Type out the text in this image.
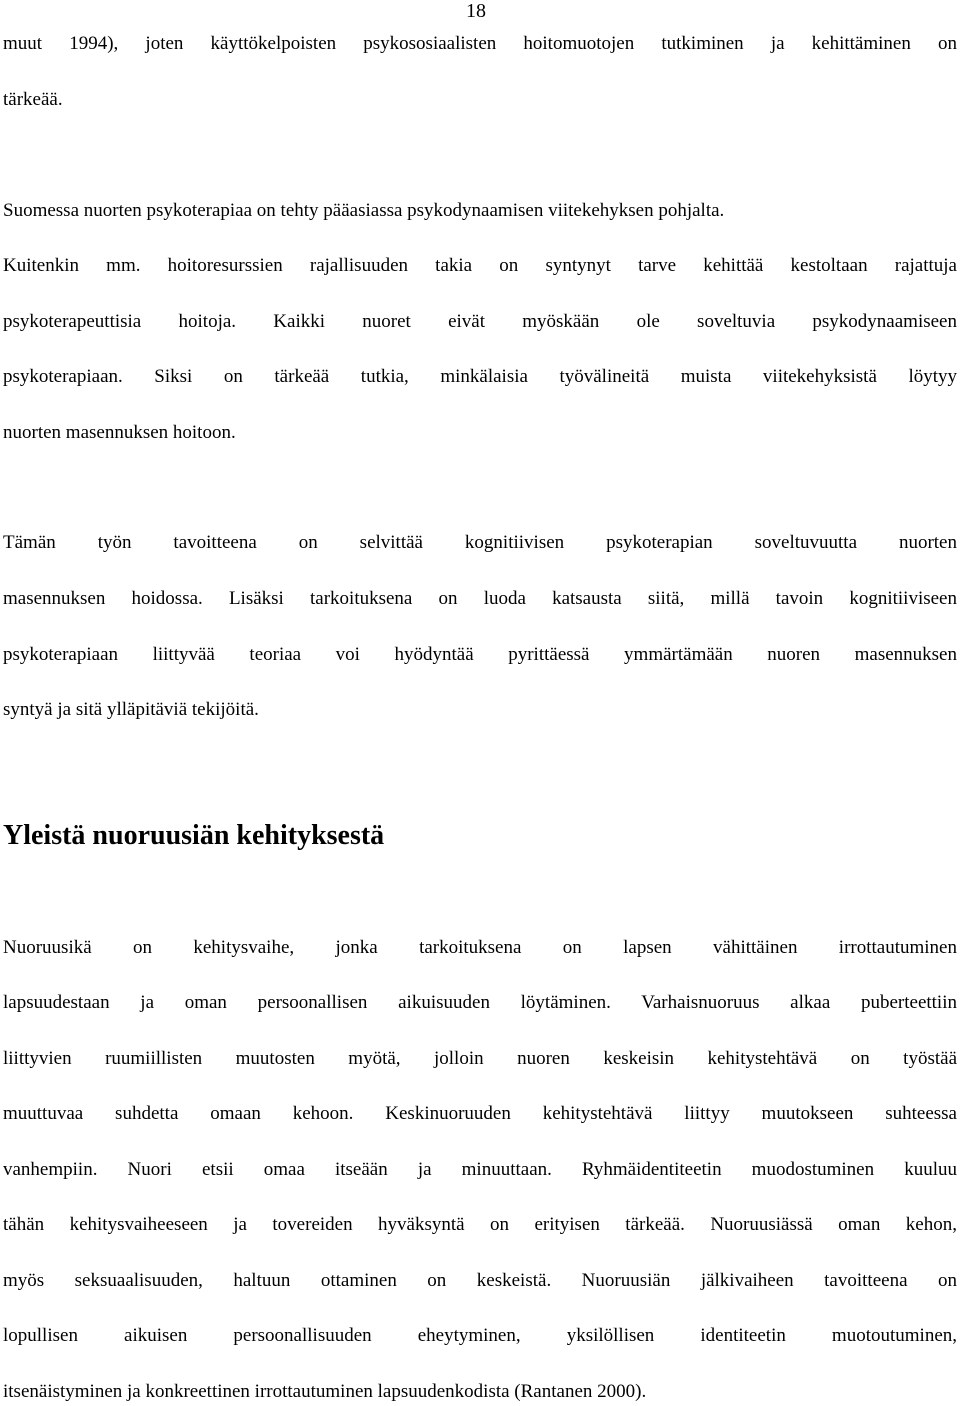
18
muut 1994), joten käyttökelpoisten psykososiaalisten hoitomuotojen tutkiminen ja kehittäminen on
tärkeää.
Suomessa nuorten psykoterapiaa on tehty pääasiassa psykodynaamisen viitekehyksen pohjalta.
Kuitenkin mm. hoitoresurssien rajallisuuden takia on syntynyt tarve kehittää kestoltaan rajattuja
psykoterapeuttisia hoitoja. Kaikki nuoret eivät myöskään ole soveltuvia psykodynaamiseen
psykoterapiaan. Siksi on tärkeää tutkia, minkälaisia työvälineitä muista viitekehyksistä löytyy
nuorten masennuksen hoitoon.
Tämän työn tavoitteena on selvittää kognitiivisen psykoterapian soveltuvuutta nuorten
masennuksen hoidossa. Lisäksi tarkoituksena on luoda katsausta siitä, millä tavoin kognitiiviseen
psykoterapiaan liittyvää teoriaa voi hyödyntää pyrittäessä ymmärtämään nuoren masennuksen
syntyä ja sitä ylläpitäviä tekijöitä.
Yleistä nuoruusiän kehityksestä
Nuoruusikä on kehitysvaihe, jonka tarkoituksena on lapsen vähittäinen irrottautuminen
lapsuudestaan ja oman persoonallisen aikuisuuden löytäminen. Varhaisnuoruus alkaa puberteettiin
liittyvien ruumiillisten muutosten myötä, jolloin nuoren keskeisin kehitystehtävä on työstää
muuttuvaa suhdetta omaan kehoon. Keskinuoruuden kehitystehtävä liittyy muutokseen suhteessa
vanhempiin. Nuori etsii omaa itseään ja minuuttaan. Ryhmäidentiteetin muodostuminen kuuluu
tähän kehitysvaiheeseen ja tovereiden hyväksyntä on erityisen tärkeää. Nuoruusiässä oman kehon,
myös seksuaalisuuden, haltuun ottaminen on keskeistä. Nuoruusiän jälkivaiheen tavoitteena on
lopullisen aikuisen persoonallisuuden eheytyminen, yksilöllisen identiteetin muotoutuminen,
itsenäistyminen ja konkreettinen irrottautuminen lapsuudenkodista (Rantanen 2000).
